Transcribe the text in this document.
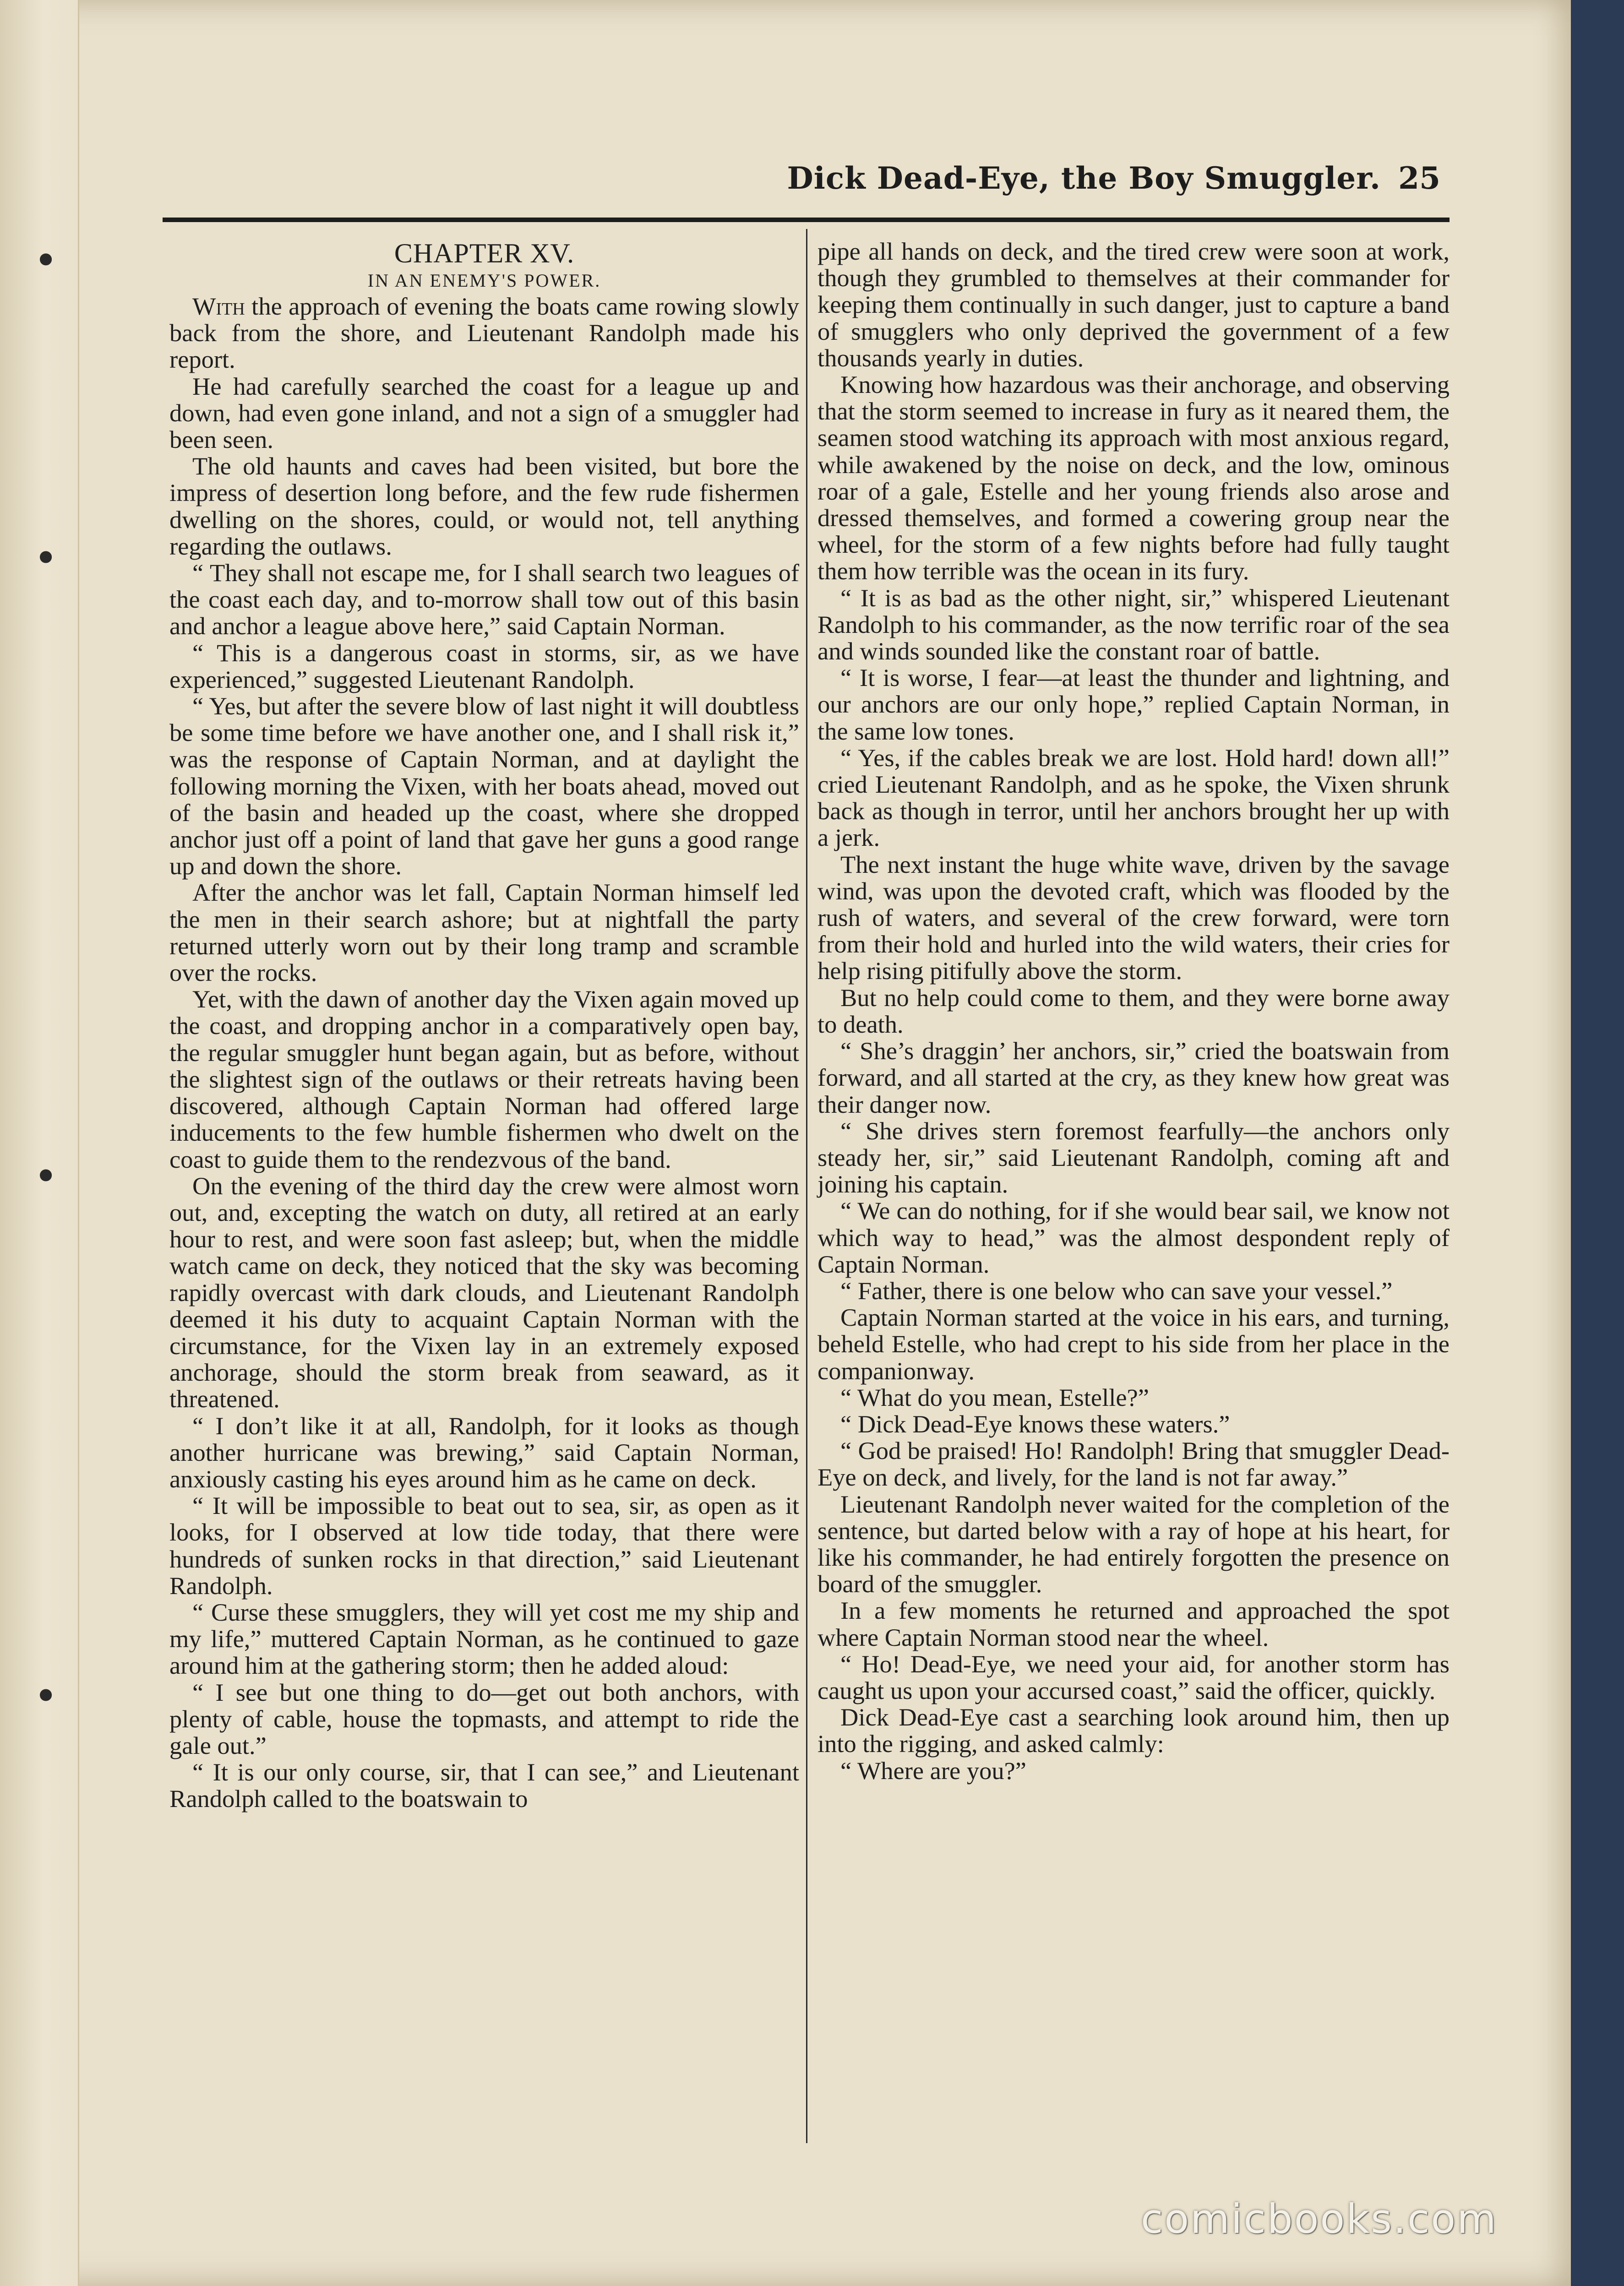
•
•
•
•
Dick Dead-Eye, the Boy Smuggler. 25

CHAPTER XV.

IN AN ENEMY'S POWER.

With the approach of evening the boats came rowing slowly back from the shore, and Lieutenant Randolph made his report.

He had carefully searched the coast for a league up and down, had even gone inland, and not a sign of a smuggler had been seen.

The old haunts and caves had been visited, but bore the impress of desertion long before, and the few rude fishermen dwelling on the shores, could, or would not, tell anything regarding the outlaws.

“ They shall not escape me, for I shall search two leagues of the coast each day, and to-morrow shall tow out of this basin and anchor a league above here,” said Captain Norman.

“ This is a dangerous coast in storms, sir, as we have experienced,” suggested Lieutenant Randolph.

“ Yes, but after the severe blow of last night it will doubtless be some time before we have another one, and I shall risk it,” was the response of Captain Norman, and at daylight the following morning the Vixen, with her boats ahead, moved out of the basin and headed up the coast, where she dropped anchor just off a point of land that gave her guns a good range up and down the shore.

After the anchor was let fall, Captain Norman himself led the men in their search ashore; but at nightfall the party returned utterly worn out by their long tramp and scramble over the rocks.

Yet, with the dawn of another day the Vixen again moved up the coast, and dropping anchor in a comparatively open bay, the regular smuggler hunt began again, but as before, without the slightest sign of the outlaws or their retreats having been discovered, although Captain Norman had offered large inducements to the few humble fishermen who dwelt on the coast to guide them to the rendezvous of the band.

On the evening of the third day the crew were almost worn out, and, excepting the watch on duty, all retired at an early hour to rest, and were soon fast asleep; but, when the middle watch came on deck, they noticed that the sky was becoming rapidly overcast with dark clouds, and Lieutenant Randolph deemed it his duty to acquaint Captain Norman with the circumstance, for the Vixen lay in an extremely exposed anchorage, should the storm break from seaward, as it threatened.

“ I don’t like it at all, Randolph, for it looks as though another hurricane was brewing,” said Captain Norman, anxiously casting his eyes around him as he came on deck.

“ It will be impossible to beat out to sea, sir, as open as it looks, for I observed at low tide today, that there were hundreds of sunken rocks in that direction,” said Lieutenant Randolph.

“ Curse these smugglers, they will yet cost me my ship and my life,” muttered Captain Norman, as he continued to gaze around him at the gathering storm; then he added aloud:

“ I see but one thing to do—get out both anchors, with plenty of cable, house the topmasts, and attempt to ride the gale out.”

“ It is our only course, sir, that I can see,” and Lieutenant Randolph called to the boatswain to

pipe all hands on deck, and the tired crew were soon at work, though they grumbled to themselves at their commander for keeping them continually in such danger, just to capture a band of smugglers who only deprived the government of a few thousands yearly in duties.

Knowing how hazardous was their anchorage, and observing that the storm seemed to increase in fury as it neared them, the seamen stood watching its approach with most anxious regard, while awakened by the noise on deck, and the low, ominous roar of a gale, Estelle and her young friends also arose and dressed themselves, and formed a cowering group near the wheel, for the storm of a few nights before had fully taught them how terrible was the ocean in its fury.

“ It is as bad as the other night, sir,” whispered Lieutenant Randolph to his commander, as the now terrific roar of the sea and winds sounded like the constant roar of battle.

“ It is worse, I fear—at least the thunder and lightning, and our anchors are our only hope,” replied Captain Norman, in the same low tones.

“ Yes, if the cables break we are lost. Hold hard! down all!” cried Lieutenant Randolph, and as he spoke, the Vixen shrunk back as though in terror, until her anchors brought her up with a jerk.

The next instant the huge white wave, driven by the savage wind, was upon the devoted craft, which was flooded by the rush of waters, and several of the crew forward, were torn from their hold and hurled into the wild waters, their cries for help rising pitifully above the storm.

But no help could come to them, and they were borne away to death.

“ She’s draggin’ her anchors, sir,” cried the boatswain from forward, and all started at the cry, as they knew how great was their danger now.

“ She drives stern foremost fearfully—the anchors only steady her, sir,” said Lieutenant Randolph, coming aft and joining his captain.

“ We can do nothing, for if she would bear sail, we know not which way to head,” was the almost despondent reply of Captain Norman.

“ Father, there is one below who can save your vessel.”

Captain Norman started at the voice in his ears, and turning, beheld Estelle, who had crept to his side from her place in the companionway.

“ What do you mean, Estelle?”

“ Dick Dead-Eye knows these waters.”

“ God be praised! Ho! Randolph! Bring that smuggler Dead-Eye on deck, and lively, for the land is not far away.”

Lieutenant Randolph never waited for the completion of the sentence, but darted below with a ray of hope at his heart, for like his commander, he had entirely forgotten the presence on board of the smuggler.

In a few moments he returned and approached the spot where Captain Norman stood near the wheel.

“ Ho! Dead-Eye, we need your aid, for another storm has caught us upon your accursed coast,” said the officer, quickly.

Dick Dead-Eye cast a searching look around him, then up into the rigging, and asked calmly:

“ Where are you?”

comicbooks.com
